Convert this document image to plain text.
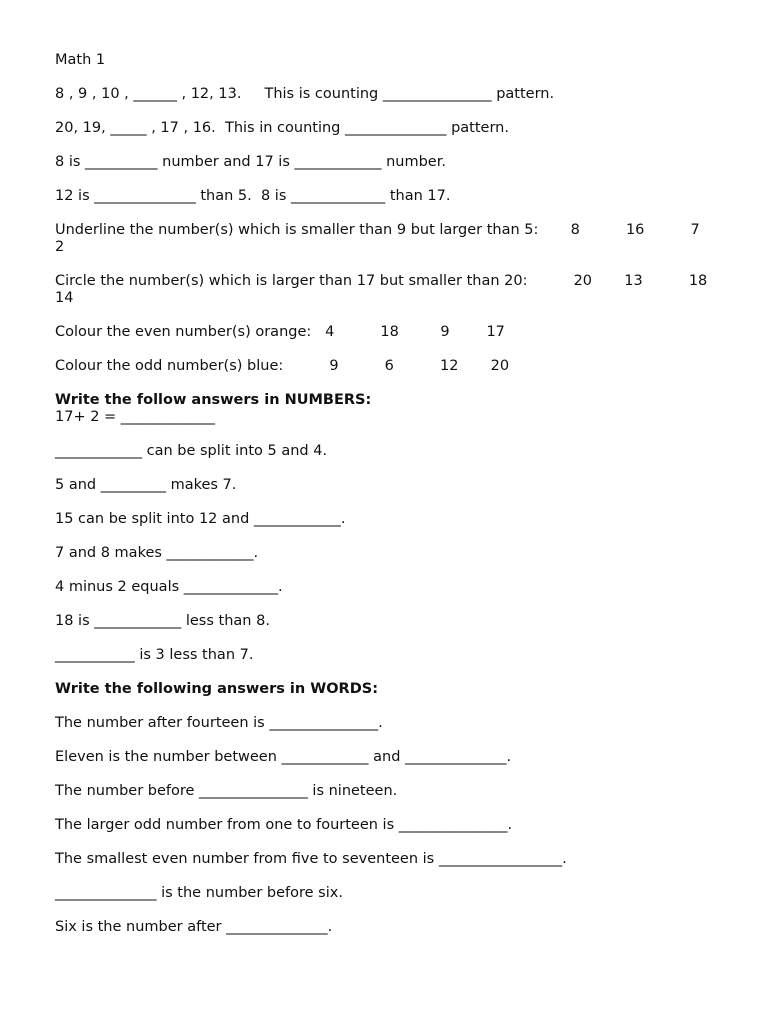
Math 1
8 , 9 , 10 , ______ , 12, 13.     This is counting _______________ pattern.
20, 19, _____ , 17 , 16.  This in counting ______________ pattern.
8 is __________ number and 17 is ____________ number.
12 is ______________ than 5.  8 is _____________ than 17.
Underline the number(s) which is smaller than 9 but larger than 5:       8          16          7         2
Circle the number(s) which is larger than 17 but smaller than 20:          20       13          18      14
Colour the even number(s) orange:   4          18         9        17
Colour the odd number(s) blue:          9          6          12       20
Write the follow answers in NUMBERS:
17+ 2 = _____________
____________ can be split into 5 and 4.
5 and _________ makes 7.
15 can be split into 12 and ____________.
7 and 8 makes ____________.
4 minus 2 equals _____________.
18 is ____________ less than 8.
___________ is 3 less than 7.
Write the following answers in WORDS:
The number after fourteen is _______________.
Eleven is the number between ____________ and ______________.
The number before _______________ is nineteen.
The larger odd number from one to fourteen is _______________.
The smallest even number from five to seventeen is _________________.
______________ is the number before six.
Six is the number after ______________.
